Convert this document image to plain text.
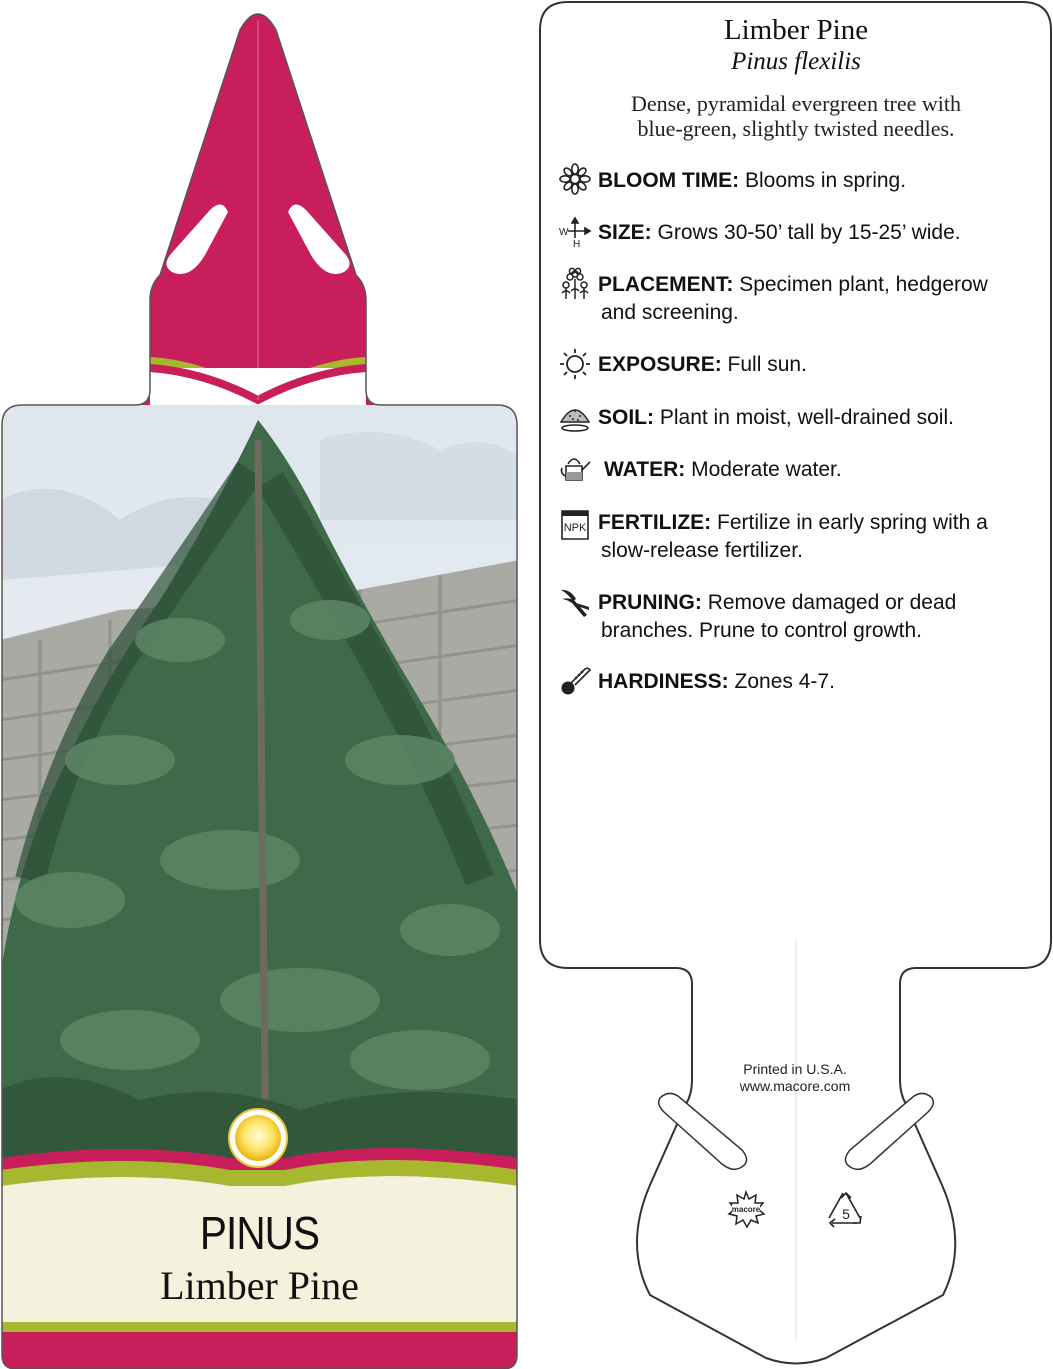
PINUS
Limber Pine
Limber Pine
Pinus flexilis
Dense, pyramidal evergreen tree with
blue-green, slightly twisted needles.
BLOOM TIME: Blooms in spring.
W
H
SIZE: Grows 30-50’ tall by 15-25’ wide.
PLACEMENT: Specimen plant, hedgerow
and screening.
EXPOSURE: Full sun.
SOIL: Plant in moist, well-drained soil.
WATER: Moderate water.
NPK FERTILIZE: Fertilize in early spring with a
slow-release fertilizer.
PRUNING: Remove damaged or dead
branches. Prune to control growth.
HARDINESS: Zones 4-7.
Printed in U.S.A.
www.macore.com
macore	5
